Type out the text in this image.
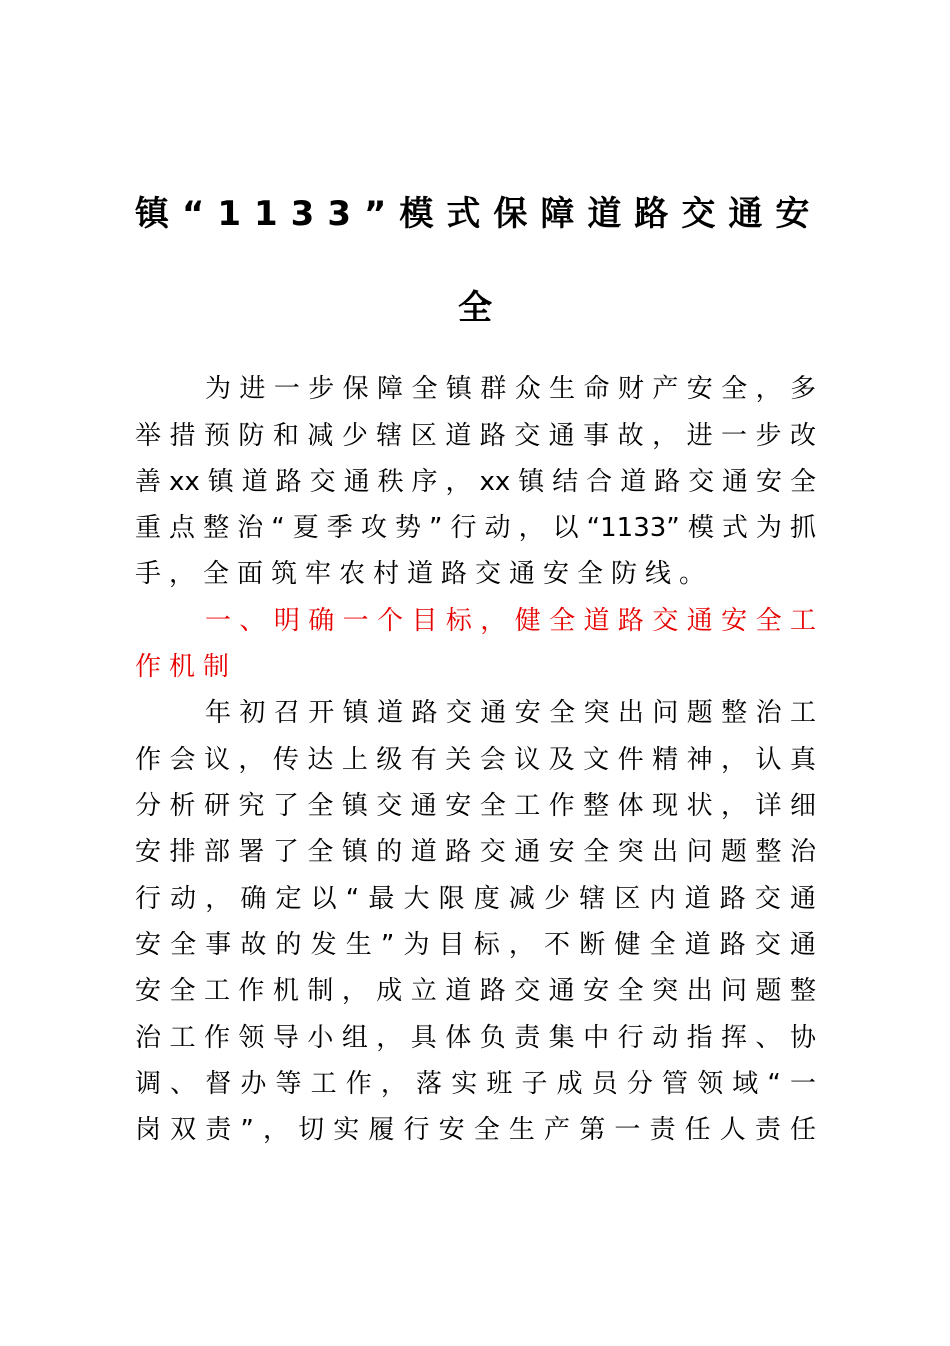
镇“1133”模式保障道路交通安
全
为进一步保障全镇群众生命财产安全，多
举措预防和减少辖区道路交通事故，进一步改
善xx镇道路交通秩序，xx镇结合道路交通安全
重点整治“夏季攻势”行动，以“1133”模式为抓
手，全面筑牢农村道路交通安全防线。
一、明确一个目标，健全道路交通安全工
作机制
年初召开镇道路交通安全突出问题整治工
作会议，传达上级有关会议及文件精神，认真
分析研究了全镇交通安全工作整体现状，详细
安排部署了全镇的道路交通安全突出问题整治
行动，确定以“最大限度减少辖区内道路交通
安全事故的发生”为目标，不断健全道路交通
安全工作机制，成立道路交通安全突出问题整
治工作领导小组，具体负责集中行动指挥、协
调、督办等工作，落实班子成员分管领域“一
岗双责”，切实履行安全生产第一责任人责任
